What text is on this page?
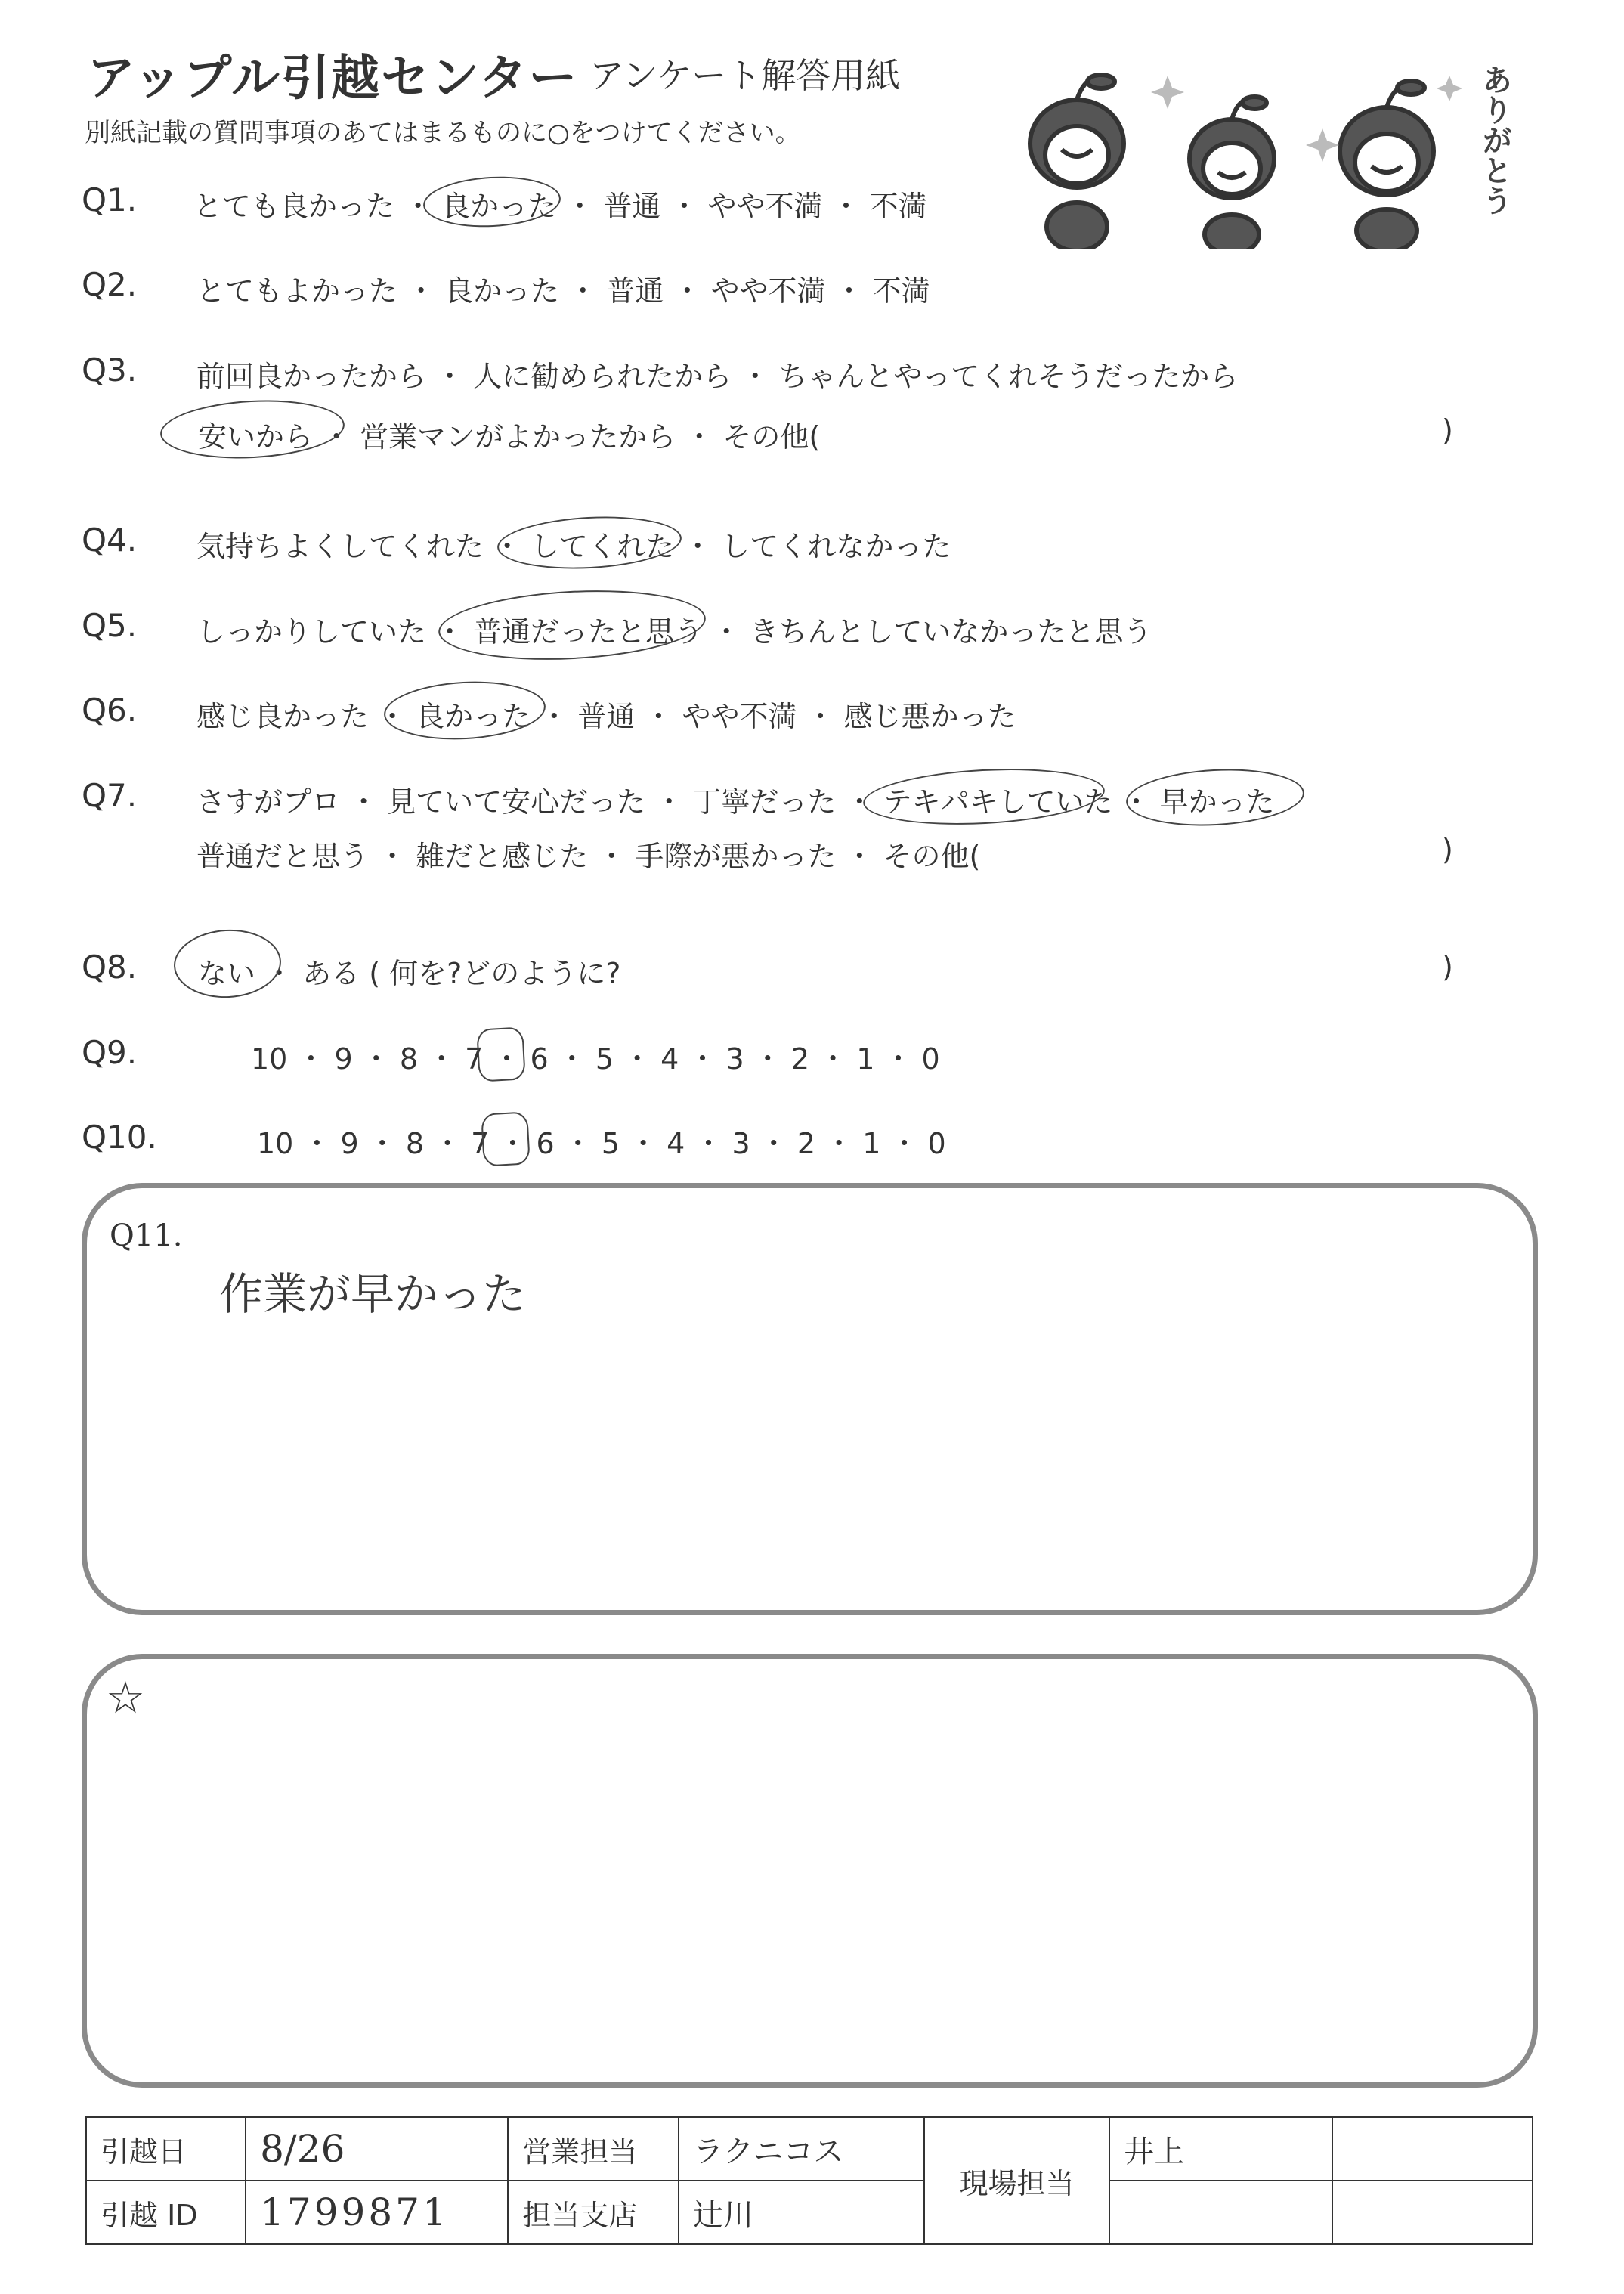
アップル引越センター アンケート解答用紙
別紙記載の質問事項のあてはまるものに○をつけてください。	ありがとう
Q1. とても良かった ・ 良かった ・ 普通 ・ やや不満 ・ 不満
Q2. とてもよかった ・ 良かった ・ 普通 ・ やや不満 ・ 不満
Q3. 前回良かったから ・ 人に勧められたから ・ ちゃんとやってくれそうだったから
安いから ・ 営業マンがよかったから ・ その他(	)
Q4. 気持ちよくしてくれた ・ してくれた ・ してくれなかった
Q5. しっかりしていた ・ 普通だったと思う ・ きちんとしていなかったと思う
Q6. 感じ良かった ・ 良かった ・ 普通 ・ やや不満 ・ 感じ悪かった
Q7. さすがプロ ・ 見ていて安心だった ・ 丁寧だった ・ テキパキしていた ・ 早かった
普通だと思う ・ 雑だと感じた ・ 手際が悪かった ・ その他(	)
Q8. ない ・ ある ( 何を?どのように?	)
Q9.	10 ・ 9 ・ 8 ・ 7 ・ 6 ・ 5 ・ 4 ・ 3 ・ 2 ・ 1 ・ 0
Q10.	10 ・ 9 ・ 8 ・ 7 ・ 6 ・ 5 ・ 4 ・ 3 ・ 2 ・ 1 ・ 0
Q11.
作業が早かった
☆
引越日	8/26	営業担当	ラクニコス	現場担当	井上	
引越 ID	1799871	担当支店	辻川			
